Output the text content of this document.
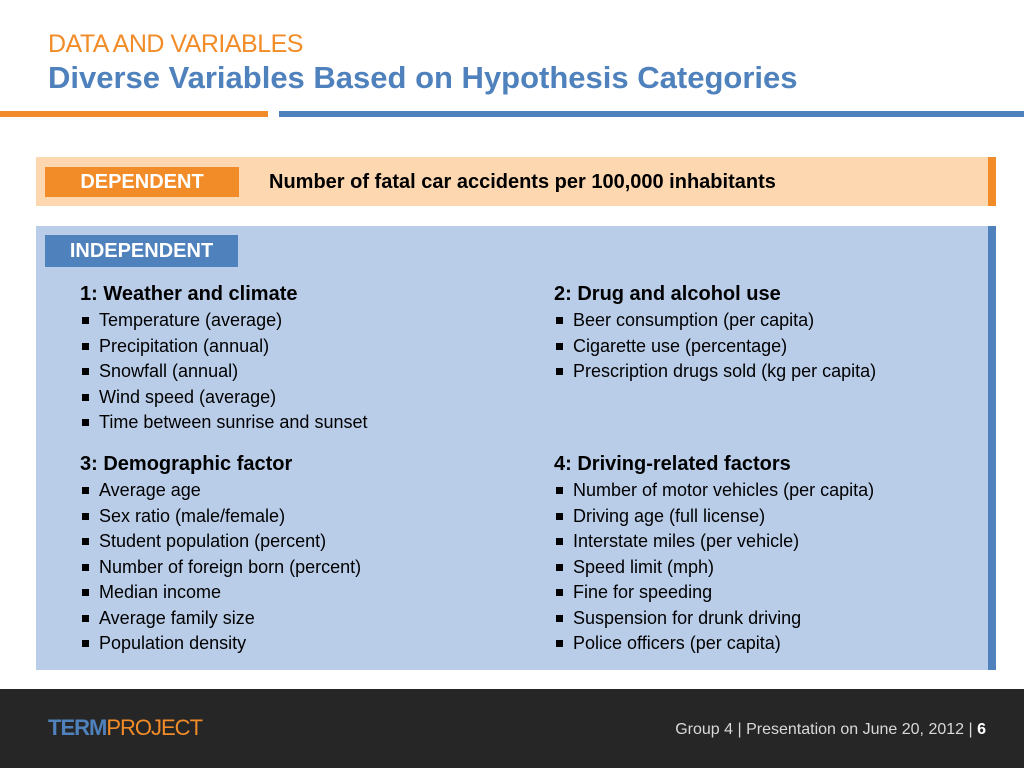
DATA AND VARIABLES
Diverse Variables Based on Hypothesis Categories
DEPENDENT	Number of fatal car accidents per 100,000 inhabitants
INDEPENDENT
1: Weather and climate
Temperature (average)
Precipitation (annual)
Snowfall (annual)
Wind speed (average)
Time between sunrise and sunset
2: Drug and alcohol use
Beer consumption (per capita)
Cigarette use (percentage)
Prescription drugs sold (kg per capita)
3: Demographic factor
Average age
Sex ratio (male/female)
Student population (percent)
Number of foreign born (percent)
Median income
Average family size
Population density
4: Driving-related factors
Number of motor vehicles (per capita)
Driving age (full license)
Interstate miles (per vehicle)
Speed limit (mph)
Fine for speeding
Suspension for drunk driving
Police officers (per capita)
TERMPROJECT	Group 4 | Presentation on June 20, 2012 | 6
